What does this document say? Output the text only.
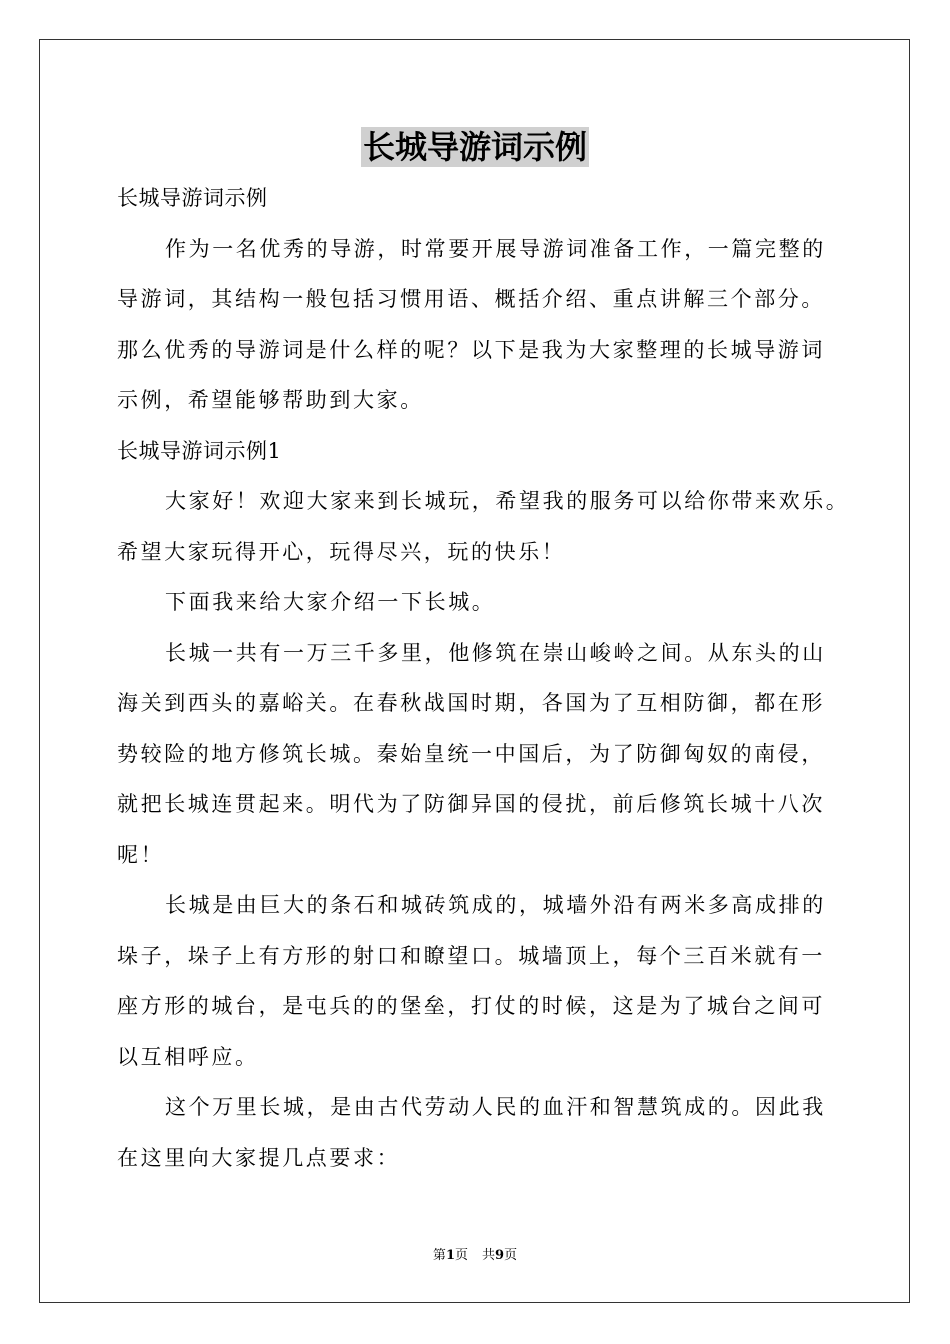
长城导游词示例
长城导游词示例
作为一名优秀的导游，时常要开展导游词准备工作，一篇完整的
导游词，其结构一般包括习惯用语、概括介绍、重点讲解三个部分。
那么优秀的导游词是什么样的呢？以下是我为大家整理的长城导游词
示例，希望能够帮助到大家。
长城导游词示例1
大家好！欢迎大家来到长城玩，希望我的服务可以给你带来欢乐。
希望大家玩得开心，玩得尽兴，玩的快乐！
下面我来给大家介绍一下长城。
长城一共有一万三千多里，他修筑在崇山峻岭之间。从东头的山
海关到西头的嘉峪关。在春秋战国时期，各国为了互相防御，都在形
势较险的地方修筑长城。秦始皇统一中国后，为了防御匈奴的南侵，
就把长城连贯起来。明代为了防御异国的侵扰，前后修筑长城十八次
呢！
长城是由巨大的条石和城砖筑成的，城墙外沿有两米多高成排的
垛子，垛子上有方形的射口和瞭望口。城墙顶上，每个三百米就有一
座方形的城台，是屯兵的的堡垒，打仗的时候，这是为了城台之间可
以互相呼应。
这个万里长城，是由古代劳动人民的血汗和智慧筑成的。因此我
在这里向大家提几点要求：
第1页 共9页
